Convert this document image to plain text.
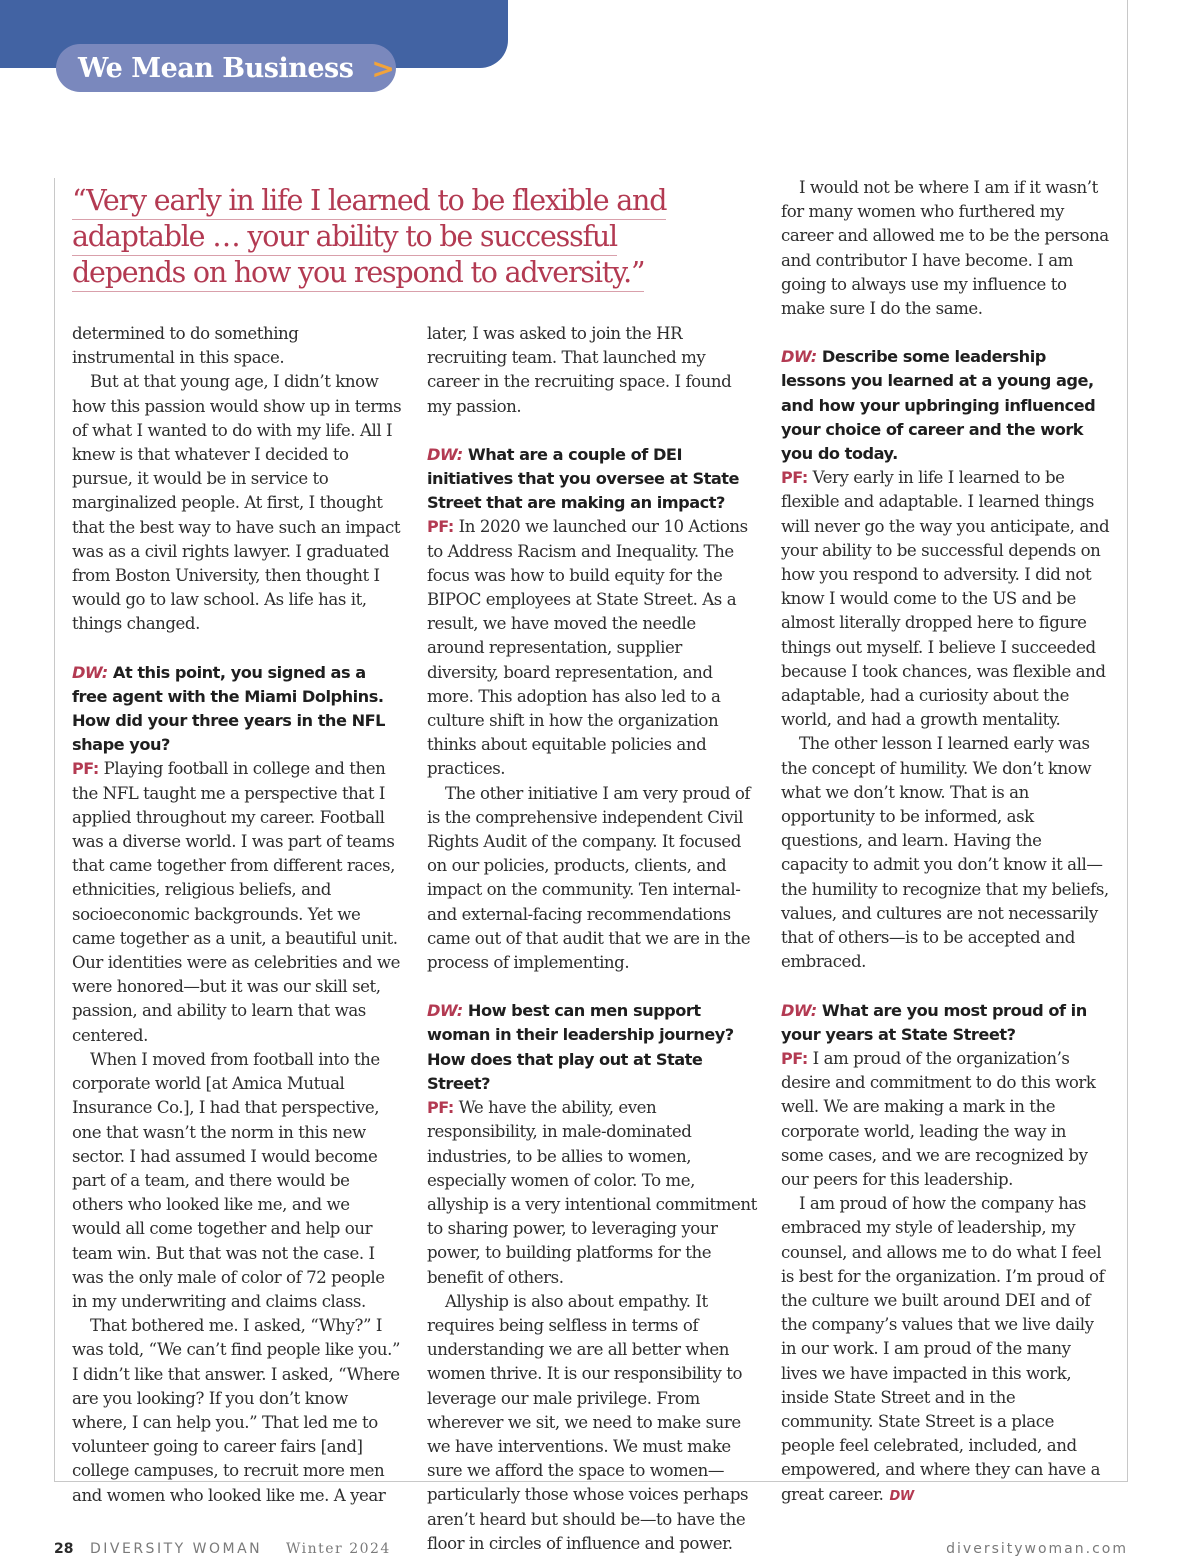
We Mean Business >
“Very early in life I learned to be flexible and
adaptable … your ability to be successful
depends on how you respond to adversity.”

determined to do something instrumental in this space.

But at that young age, I didn’t know how this passion would show up in terms of what I wanted to do with my life. All I knew is that whatever I decided to pursue, it would be in service to marginalized people. At first, I thought that the best way to have such an impact was as a civil rights lawyer. I graduated from Boston University, then thought I would go to law school. As life has it, things changed.

DW: At this point, you signed as a free agent with the Miami Dolphins. How did your three years in the NFL shape you?

PF: Playing football in college and then the NFL taught me a perspective that I applied throughout my career. Football was a diverse world. I was part of teams that came together from different races, ethnicities, religious beliefs, and socioeconomic backgrounds. Yet we came together as a unit, a beautiful unit. Our identities were as celebrities and we were honored—but it was our skill set, passion, and ability to learn that was centered.

When I moved from football into the corporate world [at Amica Mutual Insurance Co.], I had that perspective, one that wasn’t the norm in this new sector. I had assumed I would become part of a team, and there would be others who looked like me, and we would all come together and help our team win. But that was not the case. I was the only male of color of 72 people in my underwriting and claims class.

That bothered me. I asked, “Why?” I was told, “We can’t find people like you.” I didn’t like that answer. I asked, “Where are you looking? If you don’t know where, I can help you.” That led me to volunteer going to career fairs [and] college campuses, to recruit more men and women who looked like me. A year

later, I was asked to join the HR recruiting team. That launched my career in the recruiting space. I found my passion.

DW: What are a couple of DEI initiatives that you oversee at State Street that are making an impact?

PF: In 2020 we launched our 10 Actions to Address Racism and Inequality. The focus was how to build equity for the BIPOC employees at State Street. As a result, we have moved the needle around representation, supplier diversity, board representation, and more. This adoption has also led to a culture shift in how the organization thinks about equitable policies and practices.

The other initiative I am very proud of is the comprehensive independent Civil Rights Audit of the company. It focused on our policies, products, clients, and impact on the community. Ten internal- and external-facing recommendations came out of that audit that we are in the process of implementing.

DW: How best can men support woman in their leadership journey? How does that play out at State Street?

PF: We have the ability, even responsibility, in male-dominated industries, to be allies to women, especially women of color. To me, allyship is a very intentional commitment to sharing power, to leveraging your power, to building platforms for the benefit of others.

Allyship is also about empathy. It requires being selfless in terms of understanding we are all better when women thrive. It is our responsibility to leverage our male privilege. From wherever we sit, we need to make sure we have interventions. We must make sure we afford the space to women—particularly those whose voices perhaps aren’t heard but should be—to have the floor in circles of influence and power.

I would not be where I am if it wasn’t for many women who furthered my career and allowed me to be the persona and contributor I have become. I am going to always use my influence to make sure I do the same.

DW: Describe some leadership lessons you learned at a young age, and how your upbringing influenced your choice of career and the work you do today.

PF: Very early in life I learned to be flexible and adaptable. I learned things will never go the way you anticipate, and your ability to be successful depends on how you respond to adversity. I did not know I would come to the US and be almost literally dropped here to figure things out myself. I believe I succeeded because I took chances, was flexible and adaptable, had a curiosity about the world, and had a growth mentality.

The other lesson I learned early was the concept of humility. We don’t know what we don’t know. That is an opportunity to be informed, ask questions, and learn. Having the capacity to admit you don’t know it all—the humility to recognize that my beliefs, values, and cultures are not necessarily that of others—is to be accepted and embraced.

DW: What are you most proud of in your years at State Street?

PF: I am proud of the organization’s desire and commitment to do this work well. We are making a mark in the corporate world, leading the way in some cases, and we are recognized by our peers for this leadership.

I am proud of how the company has embraced my style of leadership, my counsel, and allows me to do what I feel is best for the organization. I’m proud of the culture we built around DEI and of the company’s values that we live daily in our work. I am proud of the many lives we have impacted in this work, inside State Street and in the community. State Street is a place people feel celebrated, included, and empowered, and where they can have a great career. DW

28 DIVERSITY WOMAN Winter 2024	diversitywoman.com
